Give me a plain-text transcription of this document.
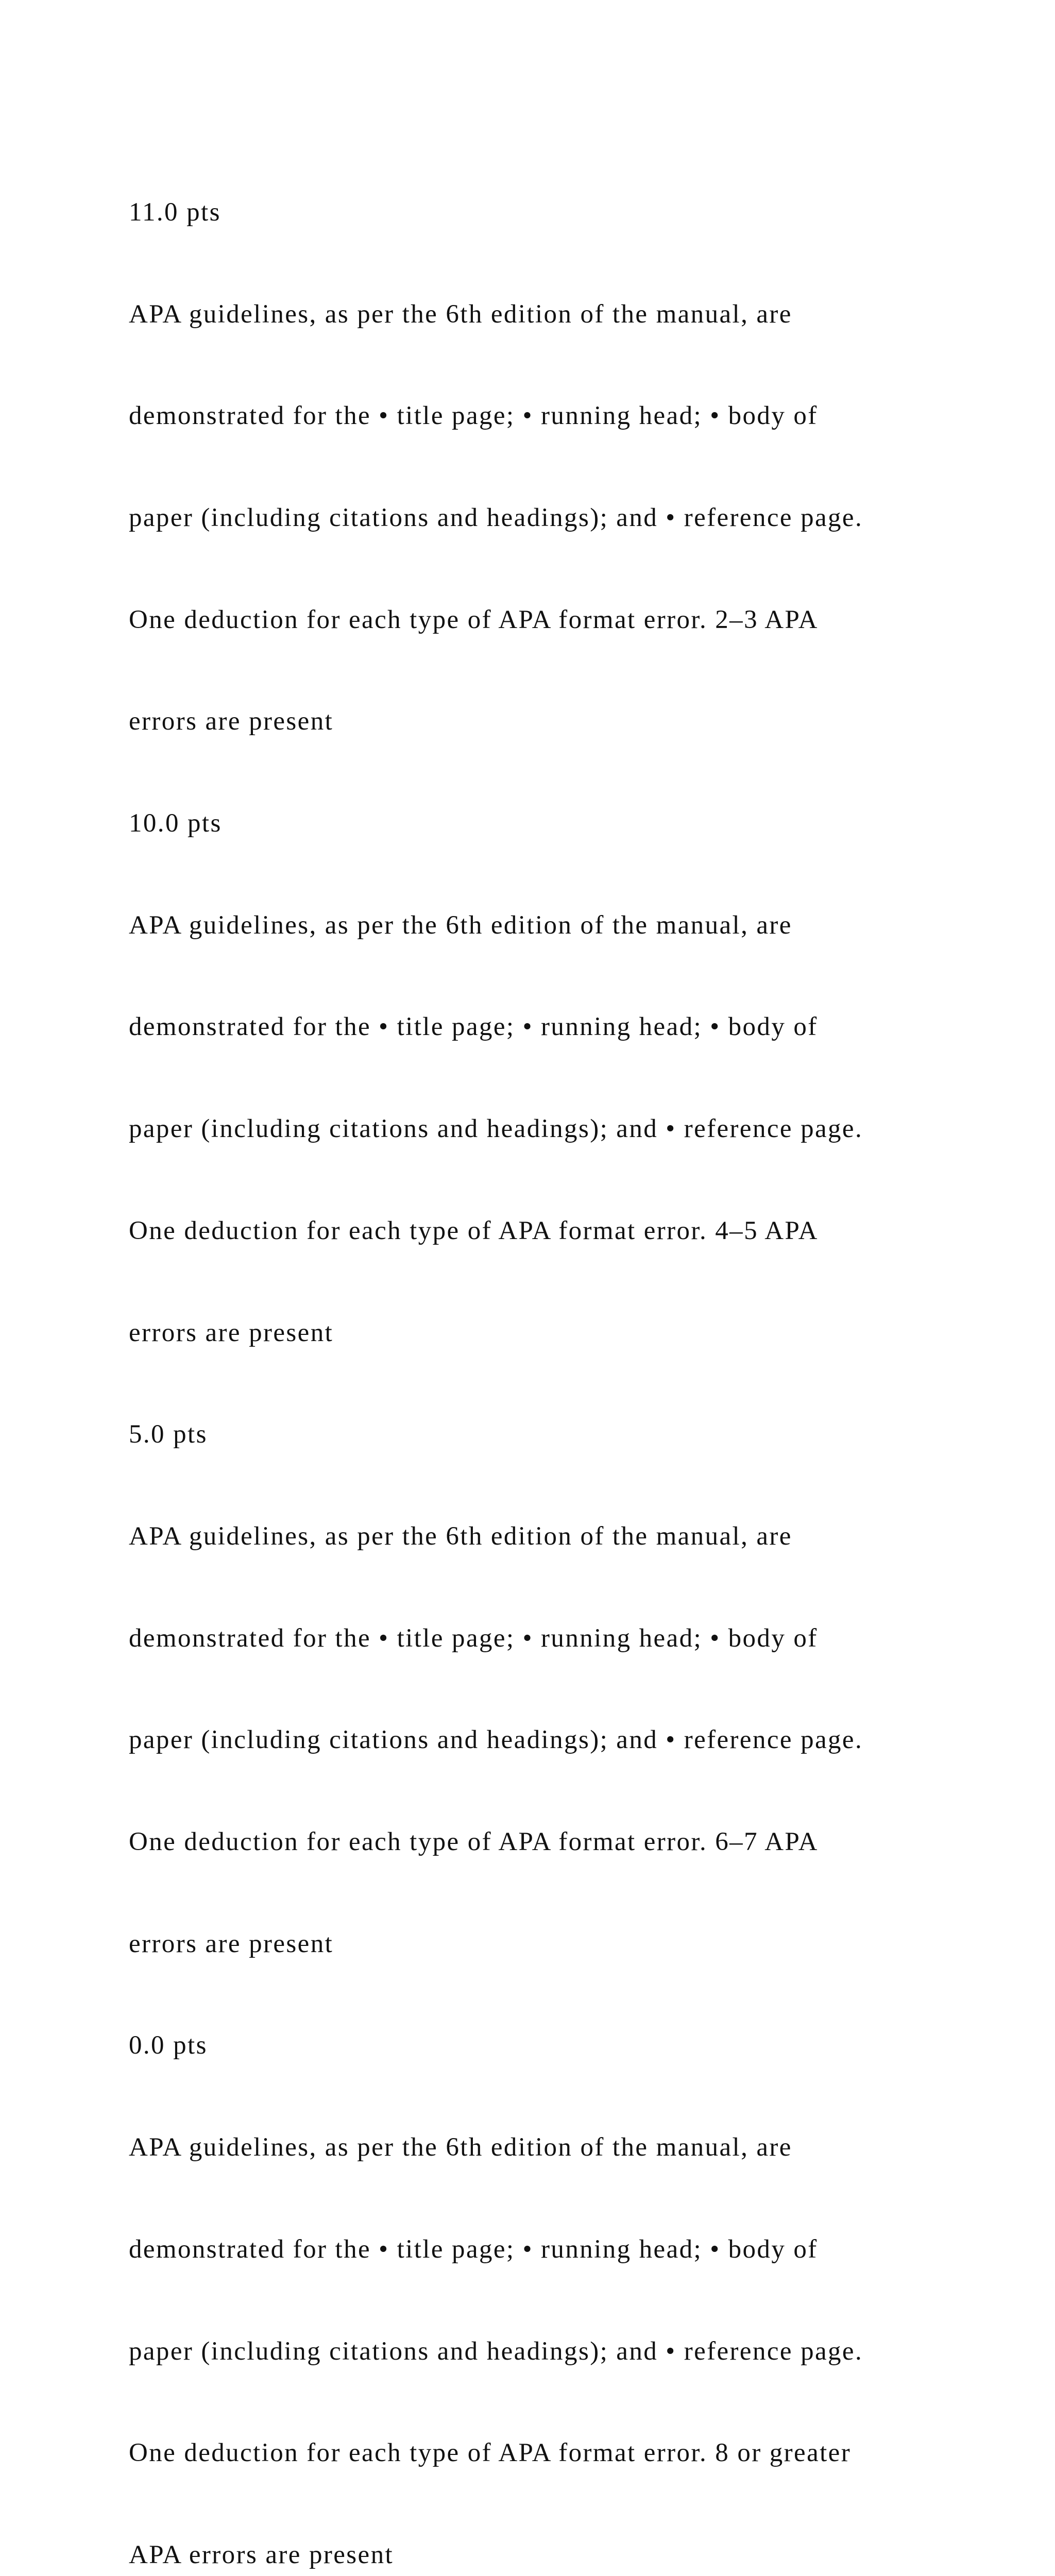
11.0 pts

APA guidelines, as per the 6th edition of the manual, are

demonstrated for the • title page; • running head; • body of

paper (including citations and headings); and • reference page.

One deduction for each type of APA format error. 2–3 APA

errors are present

10.0 pts

APA guidelines, as per the 6th edition of the manual, are

demonstrated for the • title page; • running head; • body of

paper (including citations and headings); and • reference page.

One deduction for each type of APA format error. 4–5 APA

errors are present

5.0 pts

APA guidelines, as per the 6th edition of the manual, are

demonstrated for the • title page; • running head; • body of

paper (including citations and headings); and • reference page.

One deduction for each type of APA format error. 6–7 APA

errors are present

0.0 pts

APA guidelines, as per the 6th edition of the manual, are

demonstrated for the • title page; • running head; • body of

paper (including citations and headings); and • reference page.

One deduction for each type of APA format error. 8 or greater

APA errors are present
